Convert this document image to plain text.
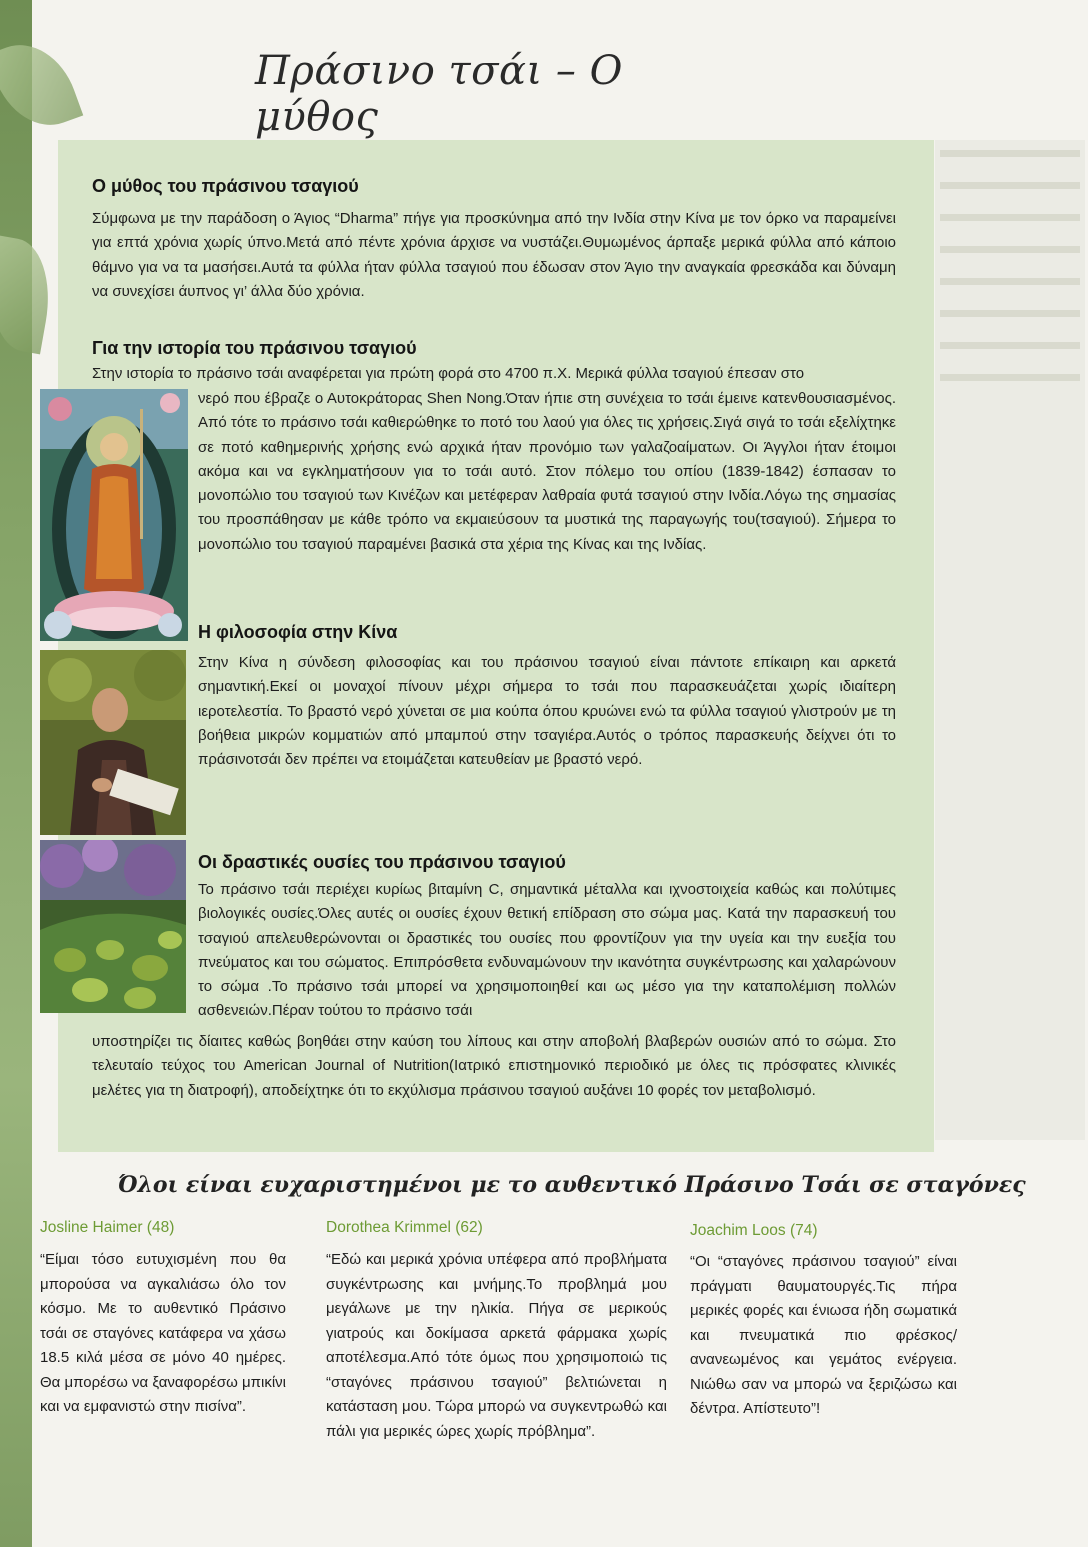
Πράσινο τσάι – Ο μύθος
Ο μύθος του πράσινου τσαγιού

Σύμφωνα με την παράδοση ο Άγιος “Dharma” πήγε για προσκύνημα από την Ινδία στην Κίνα με τον όρκο να παραμείνει για επτά χρόνια χωρίς ύπνο.Μετά από πέντε χρόνια άρχισε να νυστάζει.Θυμωμένος άρπαξε μερικά φύλλα από κάποιο θάμνο για να τα μασήσει.Αυτά τα φύλλα ήταν φύλλα τσαγιού που έδωσαν στον Άγιο την αναγκαία φρεσκάδα και δύναμη να συνεχίσει άυπνος γι’ άλλα δύο χρόνια.

Για την ιστορία του πράσινου τσαγιού

Στην ιστορία το πράσινο τσάι αναφέρεται για πρώτη φορά στο 4700 π.Χ. Μερικά φύλλα τσαγιού έπεσαν στο

νερό που έβραζε ο Αυτοκράτορας Shen Nong.Όταν ήπιε στη συνέχεια το τσάι έμεινε κατενθουσιασμένος. Από τότε το πράσινο τσάι καθιερώθηκε το ποτό του λαού για όλες τις χρήσεις.Σιγά σιγά το τσάι εξελίχτηκε σε ποτό καθημερινής χρήσης ενώ αρχικά ήταν προνόμιο των γαλαζοαίματων. Οι Άγγλοι ήταν έτοιμοι ακόμα και να εγκληματήσουν για το τσάι αυτό. Στον πόλεμο του οπίου (1839-1842) έσπασαν το μονοπώλιο του τσαγιού των Κινέζων και μετέφεραν λαθραία φυτά τσαγιού στην Ινδία.Λόγω της σημασίας του προσπάθησαν με κάθε τρόπο να εκμαιεύσουν τα μυστικά της παραγωγής του(τσαγιού). Σήμερα το μονοπώλιο του τσαγιού παραμένει βασικά στα χέρια της Κίνας και της Ινδίας.

Η φιλοσοφία στην Κίνα

Στην Κίνα η σύνδεση φιλοσοφίας και του πράσινου τσαγιού είναι πάντοτε επίκαιρη και αρκετά σημαντική.Εκεί οι μοναχοί πίνουν μέχρι σήμερα το τσάι που παρασκευάζεται χωρίς ιδιαίτερη ιεροτελεστία. Το βραστό νερό χύνεται σε μια κούπα όπου κρυώνει ενώ τα φύλλα τσαγιού γλιστρούν με τη βοήθεια μικρών κομματιών από μπαμπού στην τσαγιέρα.Αυτός ο τρόπος παρασκευής δείχνει ότι το πράσινοτσάι δεν πρέπει να ετοιμάζεται κατευθείαν με βραστό νερό.

Οι δραστικές ουσίες του πράσινου τσαγιού

Το πράσινο τσάι περιέχει κυρίως βιταμίνη C, σημαντικά μέταλλα και ιχνοστοιχεία καθώς και πολύτιμες βιολογικές ουσίες.Όλες αυτές οι ουσίες έχουν θετική επίδραση στο σώμα μας. Κατά την παρασκευή του τσαγιού απελευθερώνονται οι δραστικές του ουσίες που φροντίζουν για την υγεία και την ευεξία του πνεύματος και του σώματος. Επιπρόσθετα ενδυναμώνουν την ικανότητα συγκέντρωσης και χαλαρώνουν το σώμα .Το πράσινο τσάι μπορεί να χρησιμοποιηθεί και ως μέσο για την καταπολέμιση πολλών ασθενειών.Πέραν τούτου το πράσινο τσάι

υποστηρίζει τις δίαιτες καθώς βοηθάει στην καύση του λίπους και στην αποβολή βλαβερών ουσιών από το σώμα. Στο τελευταίο τεύχος του American Journal of Nutrition(Ιατρικό επιστημονικό περιοδικό με όλες τις πρόσφατες κλινικές μελέτες για τη διατροφή), αποδείχτηκε ότι το εκχύλισμα πράσινου τσαγιού αυξάνει 10 φορές τον μεταβολισμό.

Όλοι είναι ευχαριστημένοι με το αυθεντικό Πράσινο Τσάι σε σταγόνες

Josline Haimer (48)

“Είμαι τόσο ευτυχισμένη που θα μπορούσα να αγκαλιάσω όλο τον κόσμο. Με το αυθεντικό Πράσινο τσάι σε σταγόνες κατάφερα να χάσω 18.5 κιλά μέσα σε μόνο 40 ημέρες. Θα μπορέσω να ξαναφορέσω μπικίνι και να εμφανιστώ στην πισίνα”.

Dorothea Krimmel (62)

“Εδώ και μερικά χρόνια υπέφερα από προβλήματα συγκέντρωσης και μνήμης.Το προβλημά μου μεγάλωνε με την ηλικία. Πήγα σε μερικούς γιατρούς και δοκίμασα αρκετά φάρμακα χωρίς αποτέλεσμα.Από τότε όμως που χρησιμοποιώ τις “σταγόνες πράσινου τσαγιού” βελτιώνεται η κατάσταση μου. Τώρα μπορώ να συγκεντρωθώ και πάλι για μερικές ώρες χωρίς πρόβλημα”.

Joachim Loos (74)

“Οι “σταγόνες πράσινου τσαγιού” είναι πράγματι θαυματουργές.Τις πήρα μερικές φορές και ένιωσα ήδη σωματικά και πνευματικά πιο φρέσκος/ανανεωμένος και γεμάτος ενέργεια. Νιώθω σαν να μπορώ να ξεριζώσω και δέντρα. Απίστευτο”!
